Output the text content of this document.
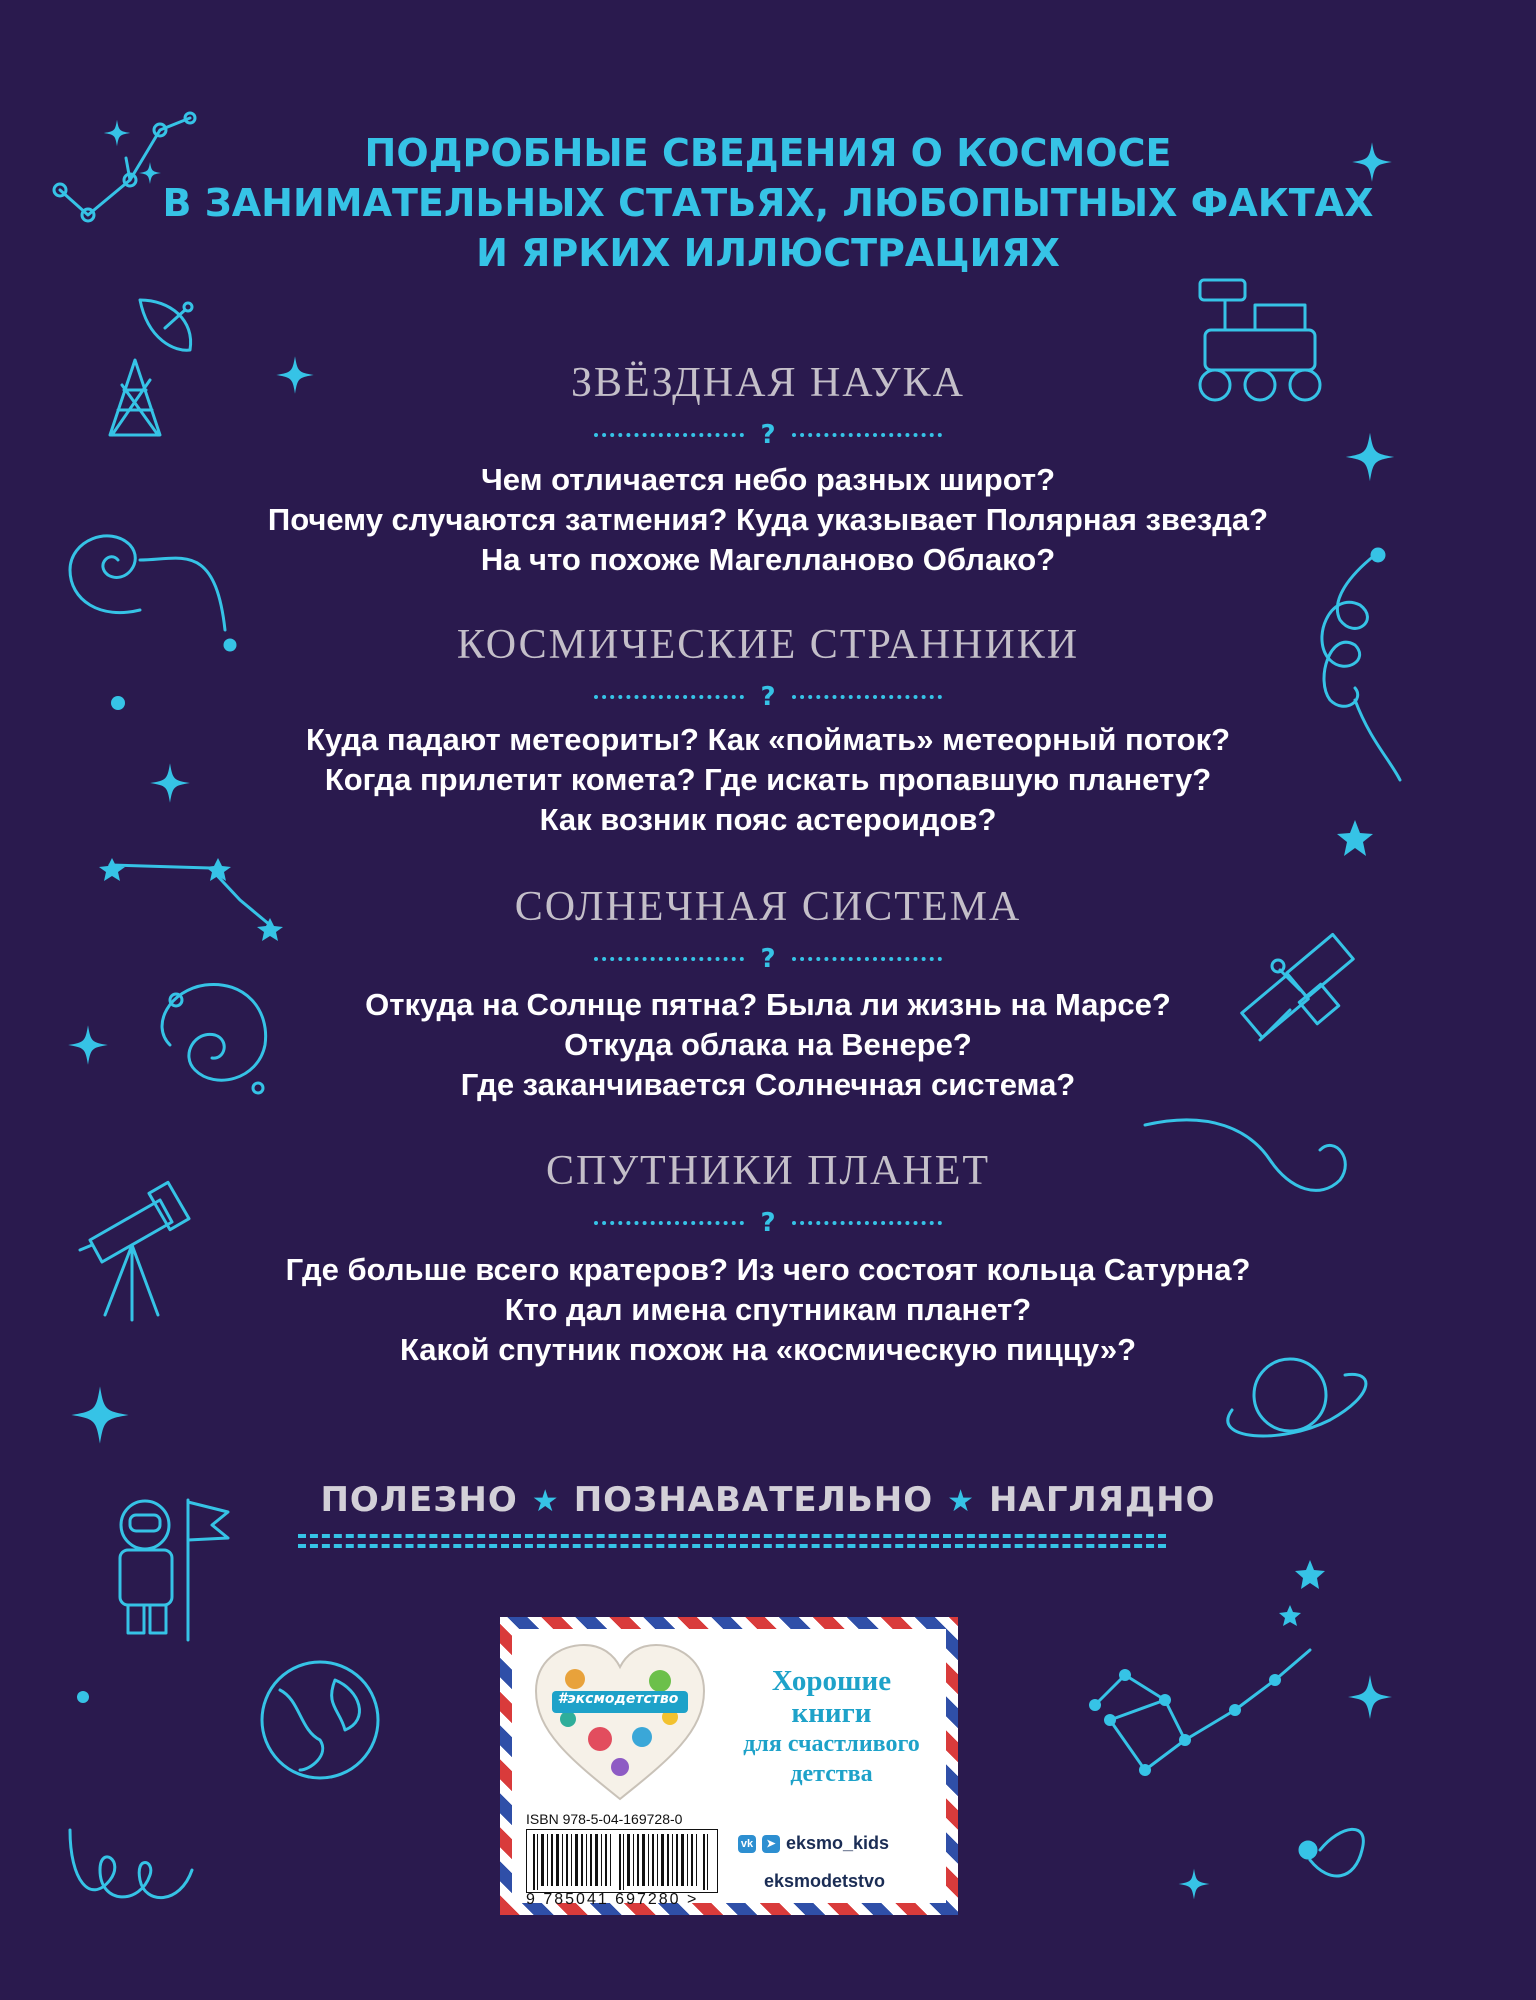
ПОДРОБНЫЕ СВЕДЕНИЯ О КОСМОСЕ
В ЗАНИМАТЕЛЬНЫХ СТАТЬЯХ, ЛЮБОПЫТНЫХ ФАКТАХ
И ЯРКИХ ИЛЛЮСТРАЦИЯХ
ЗВЁЗДНАЯ НАУКА
?
Чем отличается небо разных широт?
Почему случаются затмения? Куда указывает Полярная звезда?
На что похоже Магелланово Облако?
КОСМИЧЕСКИЕ СТРАННИКИ
?
Куда падают метеориты? Как «поймать» метеорный поток?
Когда прилетит комета? Где искать пропавшую планету?
Как возник пояс астероидов?
СОЛНЕЧНАЯ СИСТЕМА
?
Откуда на Солнце пятна? Была ли жизнь на Марсе?
Откуда облака на Венере?
Где заканчивается Солнечная система?
СПУТНИКИ ПЛАНЕТ
?
Где больше всего кратеров? Из чего состоят кольца Сатурна?
Кто дал имена спутникам планет?
Какой спутник похож на «космическую пиццу»?
ПОЛЕЗНО ★ ПОЗНАВАТЕЛЬНО ★ НАГЛЯДНО
#эксмодетство
Хорошие
книги
для счастливого
детства
ISBN 978-5-04-169728-0
9 785041 697280 >
vk	➤ eksmo_kids
eksmodetstvo
